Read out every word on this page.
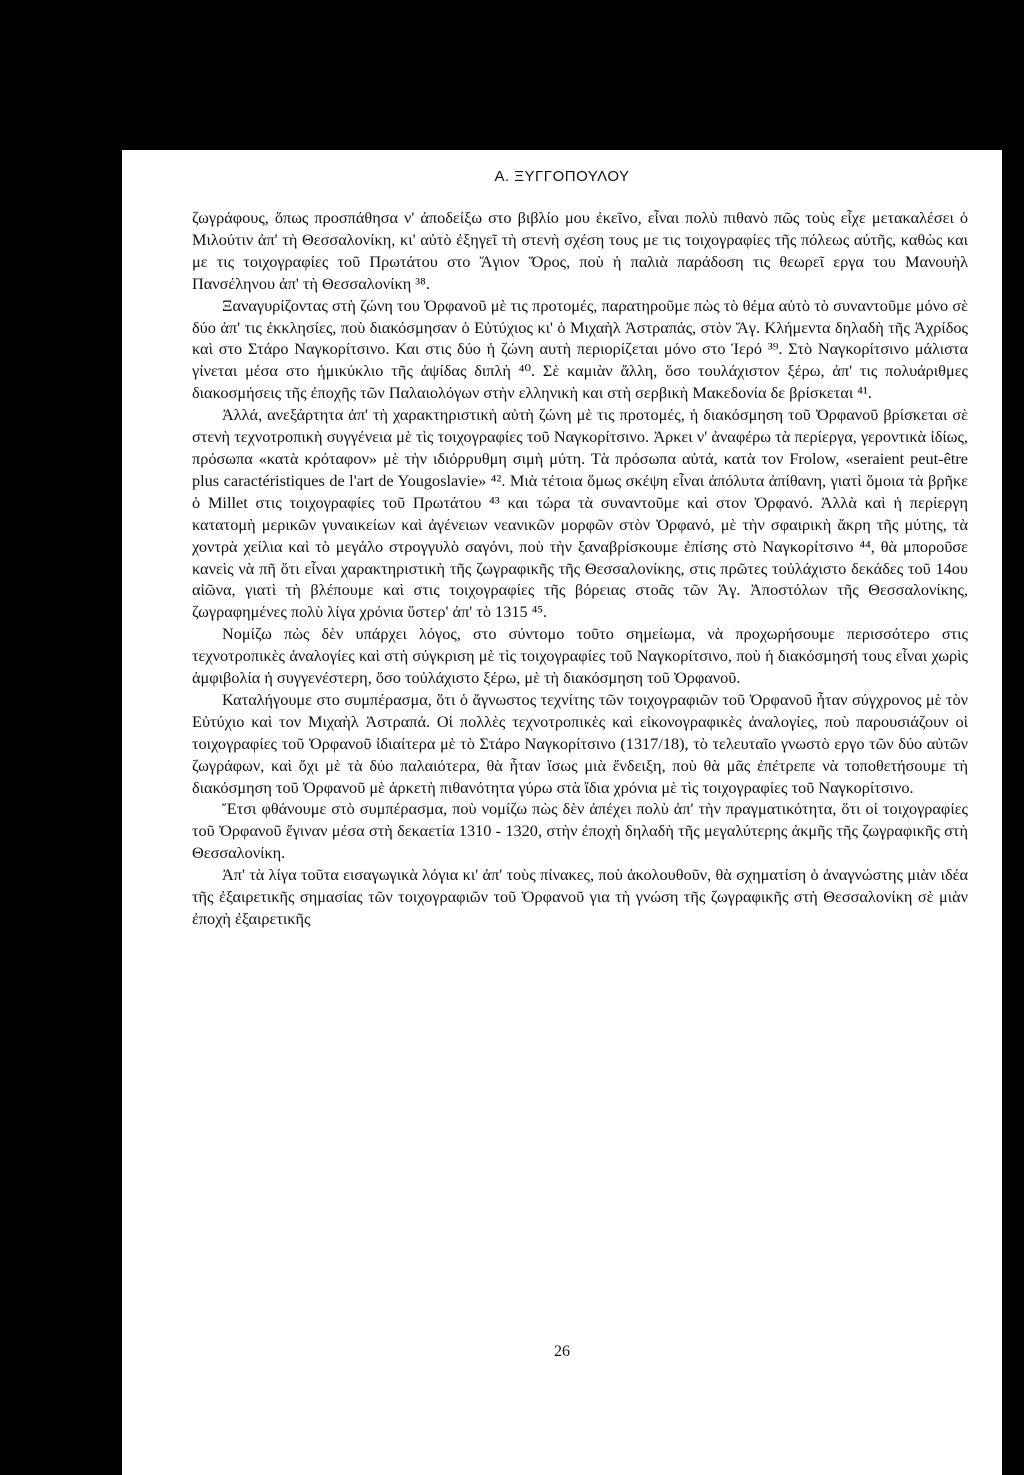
Α. ΞΥΓΓΟΠΟΥΛΟΥ

ζωγράφους, ὅπως προσπάθησα ν' ἀποδείξω στο βιβλίο μου ἐκεῖνο, εἶναι πολὺ πιθανὸ πῶς τοὺς εἶχε μετακαλέσει ὁ Μιλούτιν ἀπ' τὴ Θεσσαλονίκη, κι' αὐτὸ ἐξηγεῖ τὴ στενὴ σχέση τους με τις τοιχογραφίες τῆς πόλεως αὐτῆς, καθὼς και με τις τοιχογραφίες τοῦ Πρωτάτου στο Ἅγιον Ὅρος, ποὺ ἡ παλιὰ παράδοση τις θεωρεῖ εργα του Μανουὴλ Πανσέληνου ἀπ' τὴ Θεσσαλονίκη ³⁸.

Ξαναγυρίζοντας στὴ ζώνη του Ὀρφανοῦ μὲ τις προτομές, παρατηροῦμε πὼς τὸ θέμα αὐτὸ τὸ συναντοῦμε μόνο σὲ δύο ἀπ' τις ἐκκλησίες, ποὺ διακόσμησαν ὁ Εὐτύχιος κι' ὁ Μιχαὴλ Ἀστραπάς, στὸν Ἅγ. Κλήμεντα δηλαδὴ τῆς Ἀχρίδος καὶ στο Στάρο Ναγκορίτσινο. Και στις δύο ἡ ζώνη αυτὴ περιορίζεται μόνο στο Ἱερό ³⁹. Στὸ Ναγκορίτσινο μάλιστα γίνεται μέσα στο ἡμικύκλιο τῆς ἀψίδας διπλὴ ⁴⁰. Σὲ καμιὰν ἄλλη, ὅσο τουλάχιστον ξέρω, ἀπ' τις πολυάριθμες διακοσμήσεις τῆς ἐποχῆς τῶν Παλαιολόγων στὴν ελληνικὴ και στὴ σερβικὴ Μακεδονία δε βρίσκεται ⁴¹.

Ἀλλά, ανεξάρτητα ἀπ' τὴ χαρακτηριστικὴ αὐτὴ ζώνη μὲ τις προτομές, ἡ διακόσμηση τοῦ Ὀρφανοῦ βρίσκεται σὲ στενὴ τεχνοτροπικὴ συγγένεια μὲ τὶς τοιχογραφίες τοῦ Ναγκορίτσινο. Ἀρκει ν' ἀναφέρω τὰ περίεργα, γεροντικὰ ἰδίως, πρόσωπα «κατὰ κρόταφον» μὲ τὴν ιδιόρρυθμη σιμὴ μύτη. Τὰ πρόσωπα αὐτά, κατὰ τον Frolow, «seraient peut-être plus caractéristiques de l'art de Yougoslavie» ⁴². Μιὰ τέτοια ὅμως σκέψη εἶναι ἀπόλυτα ἀπίθανη, γιατὶ ὅμοια τὰ βρῆκε ὁ Millet στις τοιχογραφίες τοῦ Πρωτάτου ⁴³ και τώρα τὰ συναντοῦμε καὶ στον Ὀρφανό. Ἀλλὰ καὶ ἡ περίεργη κατατομὴ μερικῶν γυναικείων καὶ ἀγένειων νεανικῶν μορφῶν στὸν Ὀρφανό, μὲ τὴν σφαιρικὴ ἄκρη τῆς μύτης, τὰ χοντρὰ χείλια καὶ τὸ μεγάλο στρογγυλὸ σαγόνι, ποὺ τὴν ξαναβρίσκουμε ἐπίσης στὸ Ναγκορίτσινο ⁴⁴, θὰ μποροῦσε κανεὶς νὰ πῆ ὅτι εἶναι χαρακτηριστικὴ τῆς ζωγραφικῆς τῆς Θεσσαλονίκης, στις πρῶτες τοὐλάχιστο δεκάδες τοῦ 14ου αἰῶνα, γιατὶ τὴ βλέπουμε καὶ στις τοιχογραφίες τῆς βόρειας στοᾶς τῶν Ἁγ. Ἀποστόλων τῆς Θεσσαλονίκης, ζωγραφημένες πολὺ λίγα χρόνια ὕστερ' ἀπ' τὸ 1315 ⁴⁵.

Νομίζω πὼς δὲν υπάρχει λόγος, στο σύντομο τοῦτο σημείωμα, νὰ προχωρήσουμε περισσότερο στις τεχνοτροπικὲς ἀναλογίες καὶ στὴ σύγκριση μὲ τὶς τοιχογραφίες τοῦ Ναγκορίτσινο, ποὺ ἡ διακόσμησή τους εἶναι χωρὶς ἀμφιβολία ἡ συγγενέστερη, ὅσο τοὐλάχιστο ξέρω, μὲ τὴ διακόσμηση τοῦ Ὀρφανοῦ.

Καταλήγουμε στο συμπέρασμα, ὅτι ὁ ἄγνωστος τεχνίτης τῶν τοιχογραφιῶν τοῦ Ὀρφανοῦ ἦταν σύγχρονος μὲ τὸν Εὐτύχιο καὶ τον Μιχαὴλ Ἀστραπά. Οἱ πολλὲς τεχνοτροπικὲς καὶ εἰκονογραφικὲς ἀναλογίες, ποὺ παρουσιάζουν οἱ τοιχογραφίες τοῦ Ὀρφανοῦ ἰδιαίτερα μὲ τὸ Στάρο Ναγκορίτσινο (1317/18), τὸ τελευταῖο γνωστὸ εργο τῶν δύο αὐτῶν ζωγράφων, καὶ ὄχι μὲ τὰ δύο παλαιότερα, θὰ ἦταν ἴσως μιὰ ἔνδειξη, ποὺ θὰ μᾶς ἐπέτρεπε νὰ τοποθετήσουμε τὴ διακόσμηση τοῦ Ὀρφανοῦ μὲ ἀρκετὴ πιθανότητα γύρω στὰ ἴδια χρόνια μὲ τὶς τοιχογραφίες τοῦ Ναγκορίτσινο.

Ἔτσι φθάνουμε στὸ συμπέρασμα, ποὺ νομίζω πὼς δὲν ἀπέχει πολὺ ἀπ' τὴν πραγματικότητα, ὅτι οἱ τοιχογραφίες τοῦ Ὀρφανοῦ ἔγιναν μέσα στὴ δεκαετία 1310 - 1320, στὴν ἐποχὴ δηλαδὴ τῆς μεγαλύτερης ἀκμῆς τῆς ζωγραφικῆς στὴ Θεσσαλονίκη.

Ἀπ' τὰ λίγα τοῦτα εισαγωγικὰ λόγια κι' ἀπ' τοὺς πίνακες, ποὺ ἀκολουθοῦν, θὰ σχηματίση ὁ ἀναγνώστης μιὰν ιδέα τῆς ἐξαιρετικῆς σημασίας τῶν τοιχογραφιῶν τοῦ Ὀρφανοῦ για τὴ γνώση τῆς ζωγραφικῆς στὴ Θεσσαλονίκη σὲ μιὰν ἐποχὴ ἐξαιρετικῆς

26
